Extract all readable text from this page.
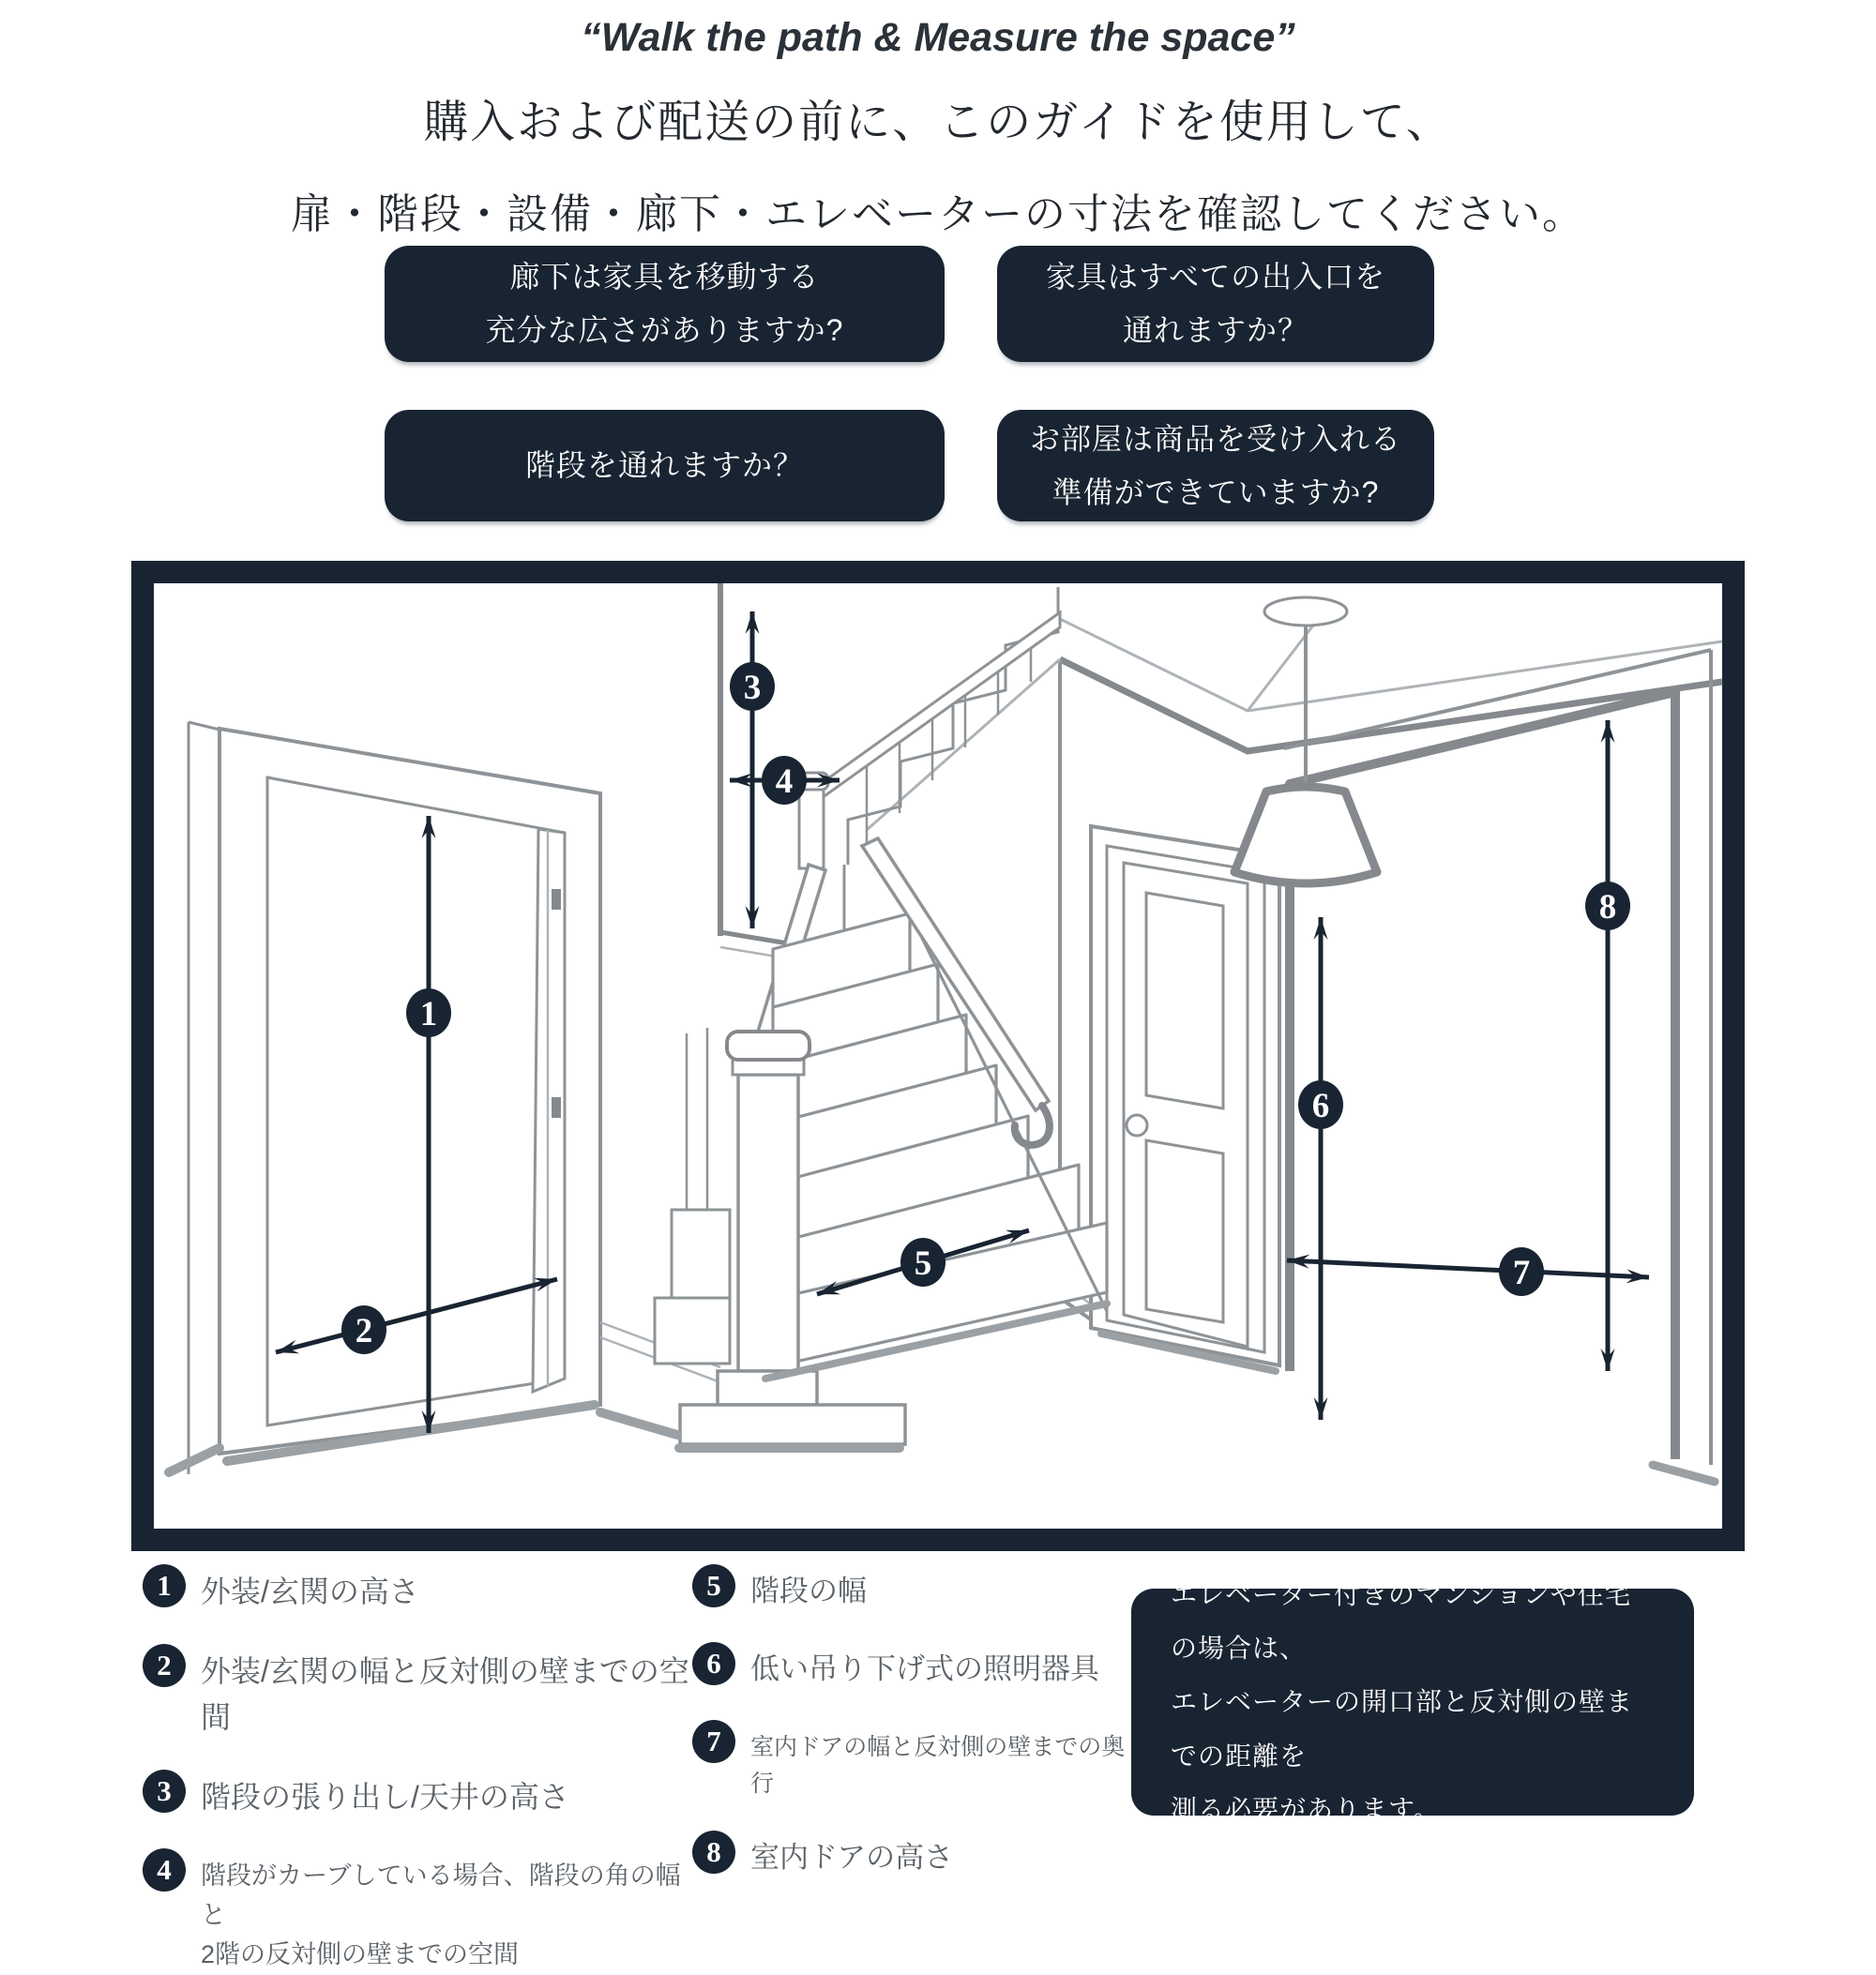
“Walk the path & Measure the space”
購入および配送の前に、このガイドを使用して、
扉・階段・設備・廊下・エレベーターの寸法を確認してください。
廊下は家具を移動する
充分な広さがありますか?
家具はすべての出入口を
通れますか？
階段を通れますか？
お部屋は商品を受け入れる
準備ができていますか?
1
2
3
4
5
6
7
8
1 外装/玄関の高さ
2 外装/玄関の幅と反対側の壁までの空間
3 階段の張り出し/天井の高さ
4	階段がカーブしている場合、階段の角の幅と
2階の反対側の壁までの空間
5	階段の幅
6	低い吊り下げ式の照明器具
7	室内ドアの幅と反対側の壁までの奥行
8	室内ドアの高さ
エレベーター付きのマンションや住宅の場合は、
エレベーターの開口部と反対側の壁までの距離を
測る必要があります。
